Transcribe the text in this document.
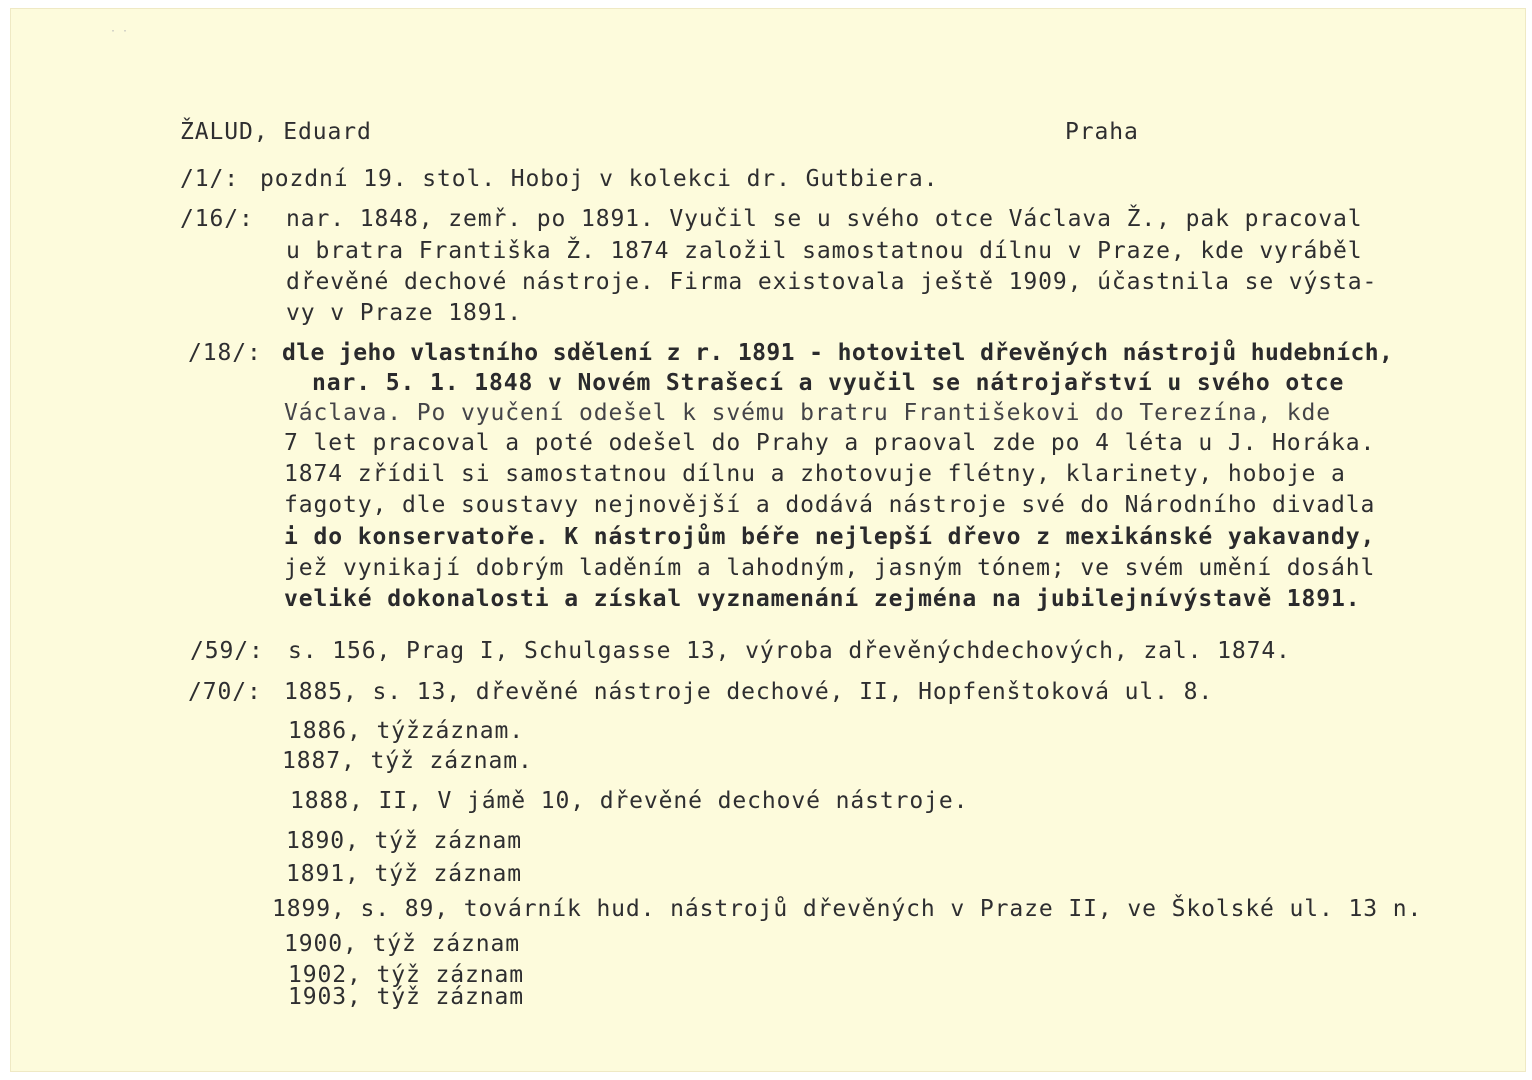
· ·
ŽALUD, Eduard	Praha
/1/: pozdní 19. stol. Hoboj v kolekci dr. Gutbiera.
/16/: nar. 1848, zemř. po 1891. Vyučil se u svého otce Václava Ž., pak pracoval
u bratra Františka Ž. 1874 založil samostatnou dílnu v Praze, kde vyráběl
dřevěné dechové nástroje. Firma existovala ještě 1909, účastnila se výsta-
vy v Praze 1891.
/18/: dle jeho vlastního sdělení z r. 1891 - hotovitel dřevěných nástrojů hudebních,
nar. 5. 1. 1848 v Novém Strašecí a vyučil se nátrojařství u svého otce
Václava. Po vyučení odešel k svému bratru Františekovi do Terezína, kde
7 let pracoval a poté odešel do Prahy a praoval zde po 4 léta u J. Horáka.
1874 zřídil si samostatnou dílnu a zhotovuje flétny, klarinety, hoboje a
fagoty, dle soustavy nejnovější a dodává nástroje své do Národního divadla
i do konservatoře. K nástrojům béře nejlepší dřevo z mexikánské yakavandy,
jež vynikají dobrým laděním a lahodným, jasným tónem; ve svém umění dosáhl
veliké dokonalosti a získal vyznamenání zejména na jubilejnívýstavě 1891.
/59/: s. 156, Prag I, Schulgasse 13, výroba dřevěnýchdechových, zal. 1874.
/70/: 1885, s. 13, dřevěné nástroje dechové, II, Hopfenštoková ul. 8.
1886, týžzáznam.
1887, týž záznam.
1888, II, V jámě 10, dřevěné dechové nástroje.
1890, týž záznam
1891, týž záznam
1899, s. 89, továrník hud. nástrojů dřevěných v Praze II, ve Školské ul. 13 n.
1900, týž záznam
1902, týž záznam
1903, týž záznam
